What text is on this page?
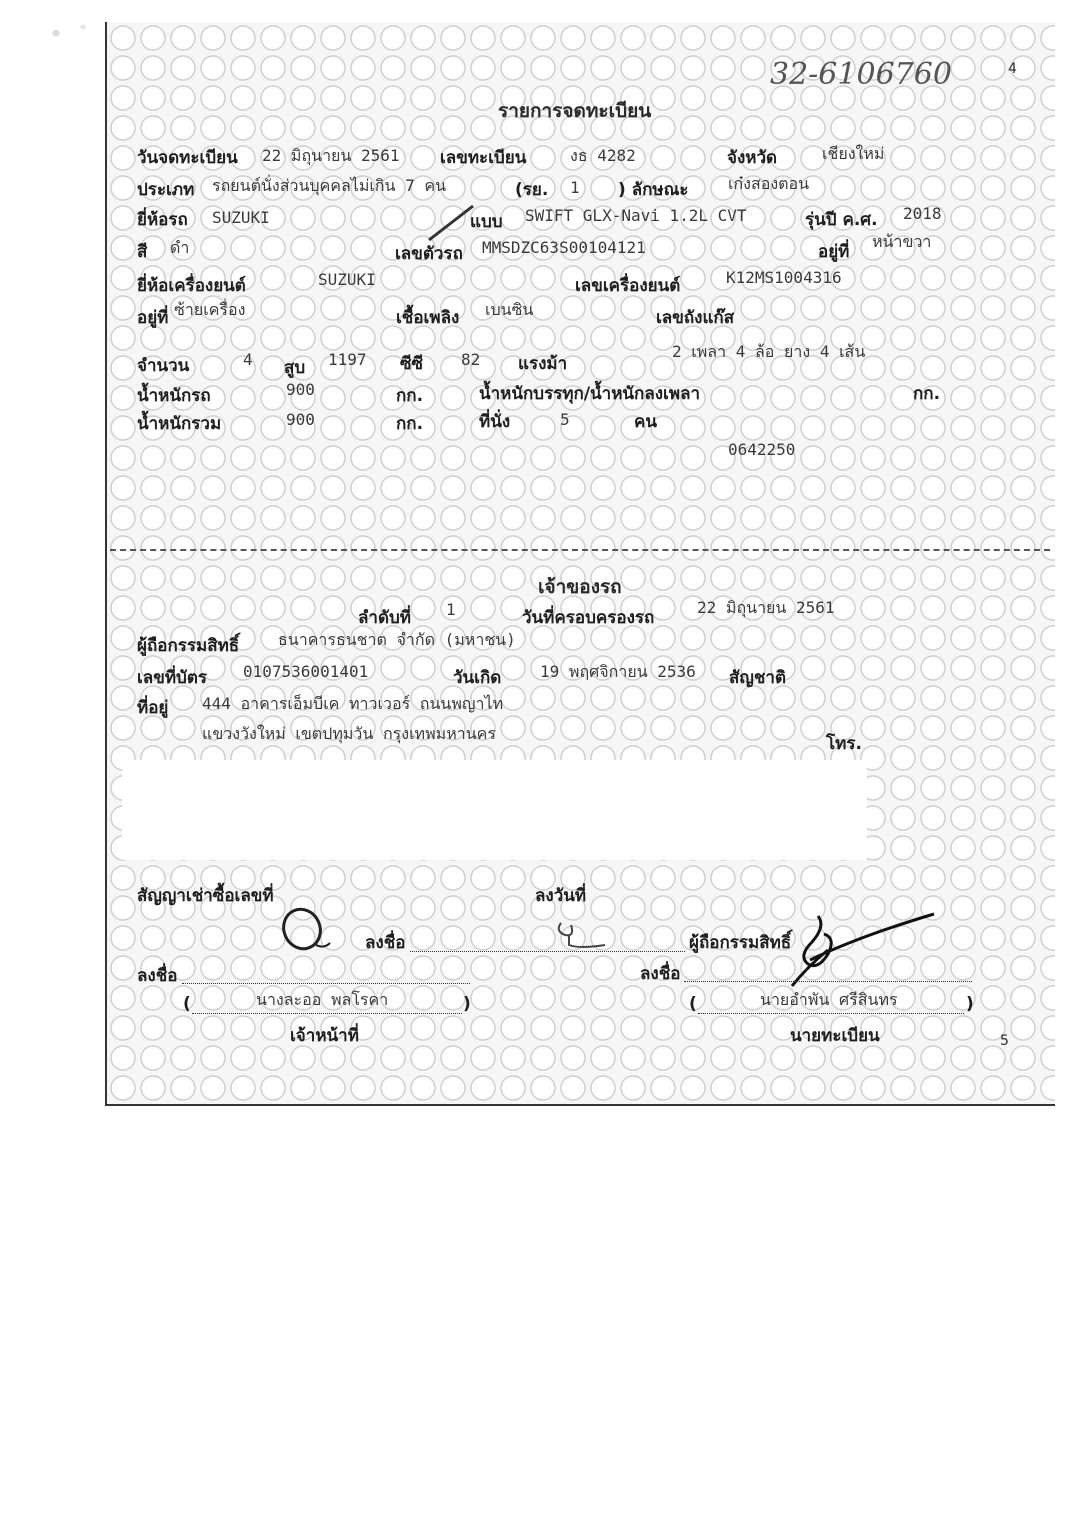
32-6106760	4
รายการจดทะเบียน
วันจดทะเบียน 22 มิถุนายน 2561 เลขทะเบียน	งธ 4282	จังหวัด	เชียงใหม่
ประเภท รถยนต์นั่งส่วนบุคคลไม่เกิน 7 คน	(รย. 1 ) ลักษณะ เก๋งสองตอน
ยี่ห้อรถ SUZUKI	แบบ SWIFT GLX-Navi 1.2L CVT	รุ่นปี ค.ศ. 2018
สี ดำ	เลขตัวรถ MMSDZC63S00104121	อยู่ที่
หน้าขวา
ยี่ห้อเครื่องยนต์	SUZUKI	เลขเครื่องยนต์	K12MS1004316
อยู่ที่ ซ้ายเครื่อง	เชื้อเพลิง เบนซิน	เลขถังแก๊ส
จำนวน	4 สูบ 1197 ซีซี 82 แรงม้า
2 เพลา 4 ล้อ ยาง 4 เส้น
น้ำหนักรถ	900	กก.	น้ำหนักบรรทุก/น้ำหนักลงเพลา	กก.
น้ำหนักรวม	900	กก.	ที่นั่ง	5	คน
0642250
เจ้าของรถ
ลำดับที่ 1	วันที่ครอบครองรถ
22 มิถุนายน 2561
ผู้ถือกรรมสิทธิ์ ธนาคารธนชาต จำกัด (มหาชน)
เลขที่บัตร 0107536001401	วันเกิด 19 พฤศจิกายน 2536 สัญชาติ
ที่อยู่ 444 อาคารเอ็มบีเค ทาวเวอร์ ถนนพญาไท
แขวงวังใหม่ เขตปทุมวัน กรุงเทพมหานคร
โทร.
สัญญาเช่าซื้อเลขที่	ลงวันที่
ลงชื่อ	ผู้ถือกรรมสิทธิ์
ลงชื่อ	ลงชื่อ
(	นางละออ พลโรคา	)	(	นายอำพัน ศรีสินทร	)
เจ้าหน้าที่	นายทะเบียน	5
